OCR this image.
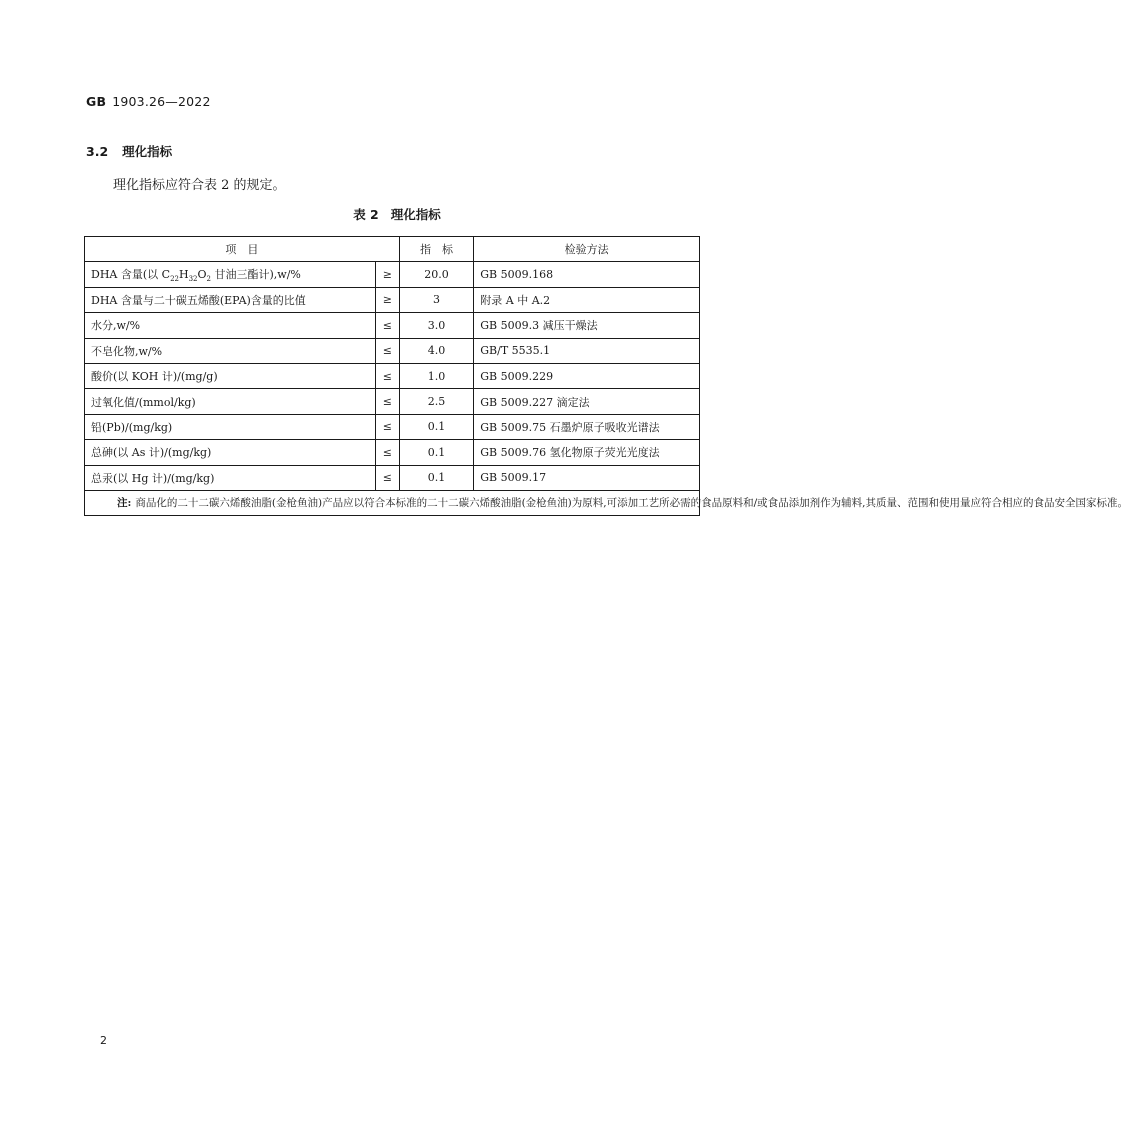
GB 1903.26—2022
3.2 理化指标
理化指标应符合表 2 的规定。
表 2 理化指标
项　目		指　标	检验方法
DHA 含量(以 $C_{22}H_{32}O_2$ 甘油三酯计),w/%	≥	20.0	GB 5009.168
DHA 含量与二十碳五烯酸(EPA)含量的比值	≥	3	附录 A 中 A.2
水分,w/%	≤	3.0	GB 5009.3 减压干燥法
不皂化物,w/%	≤	4.0	GB/T 5535.1
酸价(以 KOH 计)/(mg/g)	≤	1.0	GB 5009.229
过氧化值/(mmol/kg)	≤	2.5	GB 5009.227 滴定法
铅(Pb)/(mg/kg)	≤	0.1	GB 5009.75 石墨炉原子吸收光谱法
总砷(以 As 计)/(mg/kg)	≤	0.1	GB 5009.76 氢化物原子荧光光度法
总汞(以 Hg 计)/(mg/kg)	≤	0.1	GB 5009.17

注: 商品化的二十二碳六烯酸油脂(金枪鱼油)产品应以符合本标准的二十二碳六烯酸油脂(金枪鱼油)为原料,可添加工艺所必需的食品原料和/或食品添加剂作为辅料,其质量、范围和使用量应符合相应的食品安全国家标准。			
2
